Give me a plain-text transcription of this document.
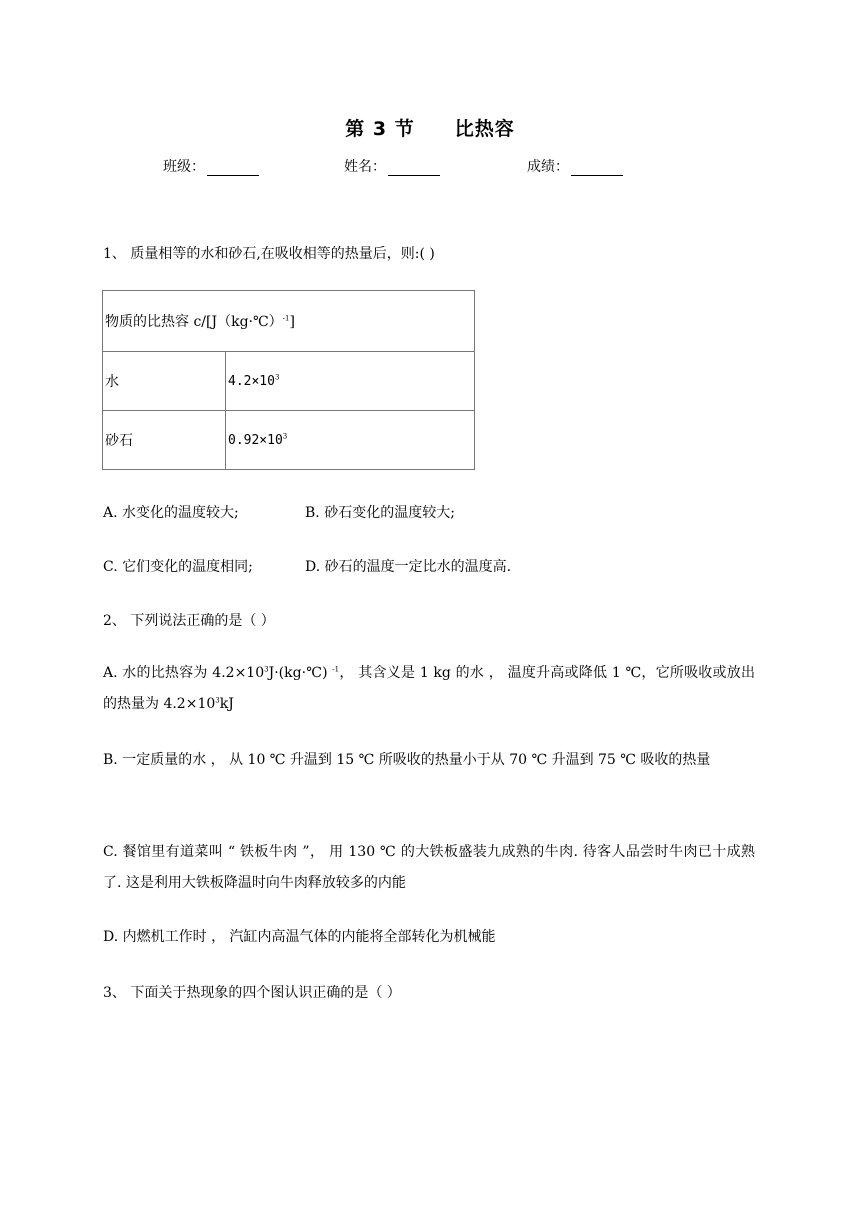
第 3 节 比热容
班级：	姓名：	成绩：
1、 质量相等的水和砂石,在吸收相等的热量后，则:( )
物质的比热容 c/[J（kg·℃）$^{-1}$]	
水	$4.2\times 10^3$
砂石	$0.92\times 10^3$
A. 水变化的温度较大;	B. 砂石变化的温度较大;
C. 它们变化的温度相同;	D. 砂石的温度一定比水的温度高.
2、 下列说法正确的是（ ）
A. 水的比热容为 $4.2\times 10^3J\cdot(kg\cdot℃)$ $^{-1}$， 其含义是 1 kg 的水 ， 温度升高或降低 1 ℃，它所吸收或放出的热量为 $4.2\times 10^3kJ$
B. 一定质量的水 ， 从 10 ℃ 升温到 15 ℃ 所吸收的热量小于从 70 ℃ 升温到 75 ℃ 吸收的热量
C. 餐馆里有道菜叫 “ 铁板牛肉 ”， 用 130 ℃ 的大铁板盛装九成熟的牛肉. 待客人品尝时牛肉已十成熟了. 这是利用大铁板降温时向牛肉释放较多的内能
D. 内燃机工作时 ， 汽缸内高温气体的内能将全部转化为机械能
3、 下面关于热现象的四个图认识正确的是（ ）
